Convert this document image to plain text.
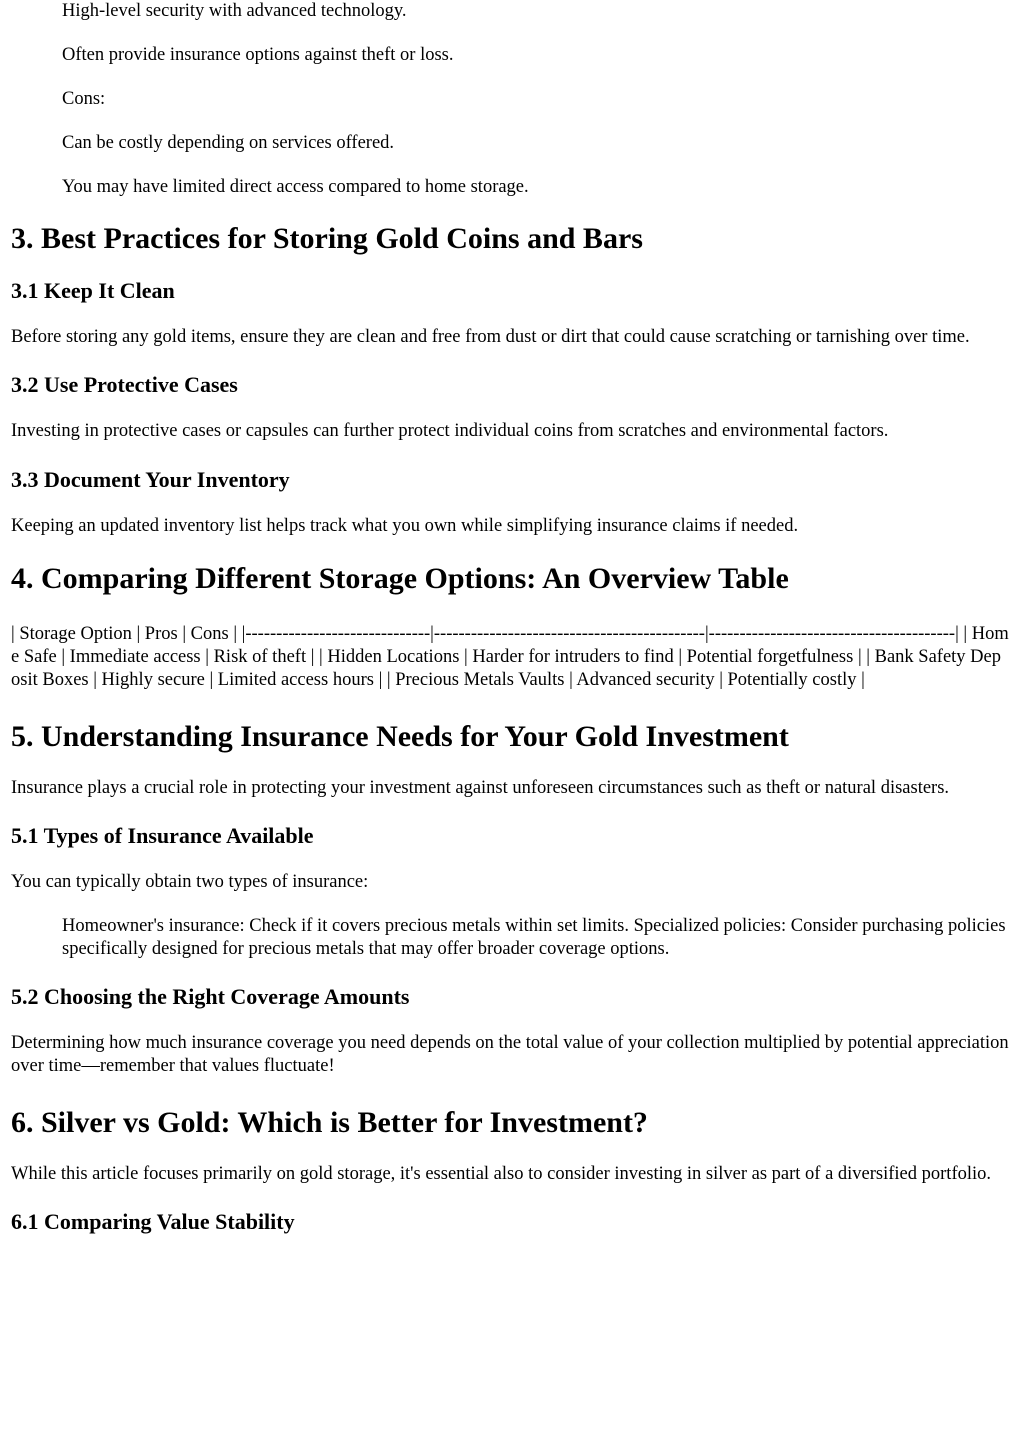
High-level security with advanced technology.

Often provide insurance options against theft or loss.

Cons:

Can be costly depending on services offered.

You may have limited direct access compared to home storage.

3. Best Practices for Storing Gold Coins and Bars
3.1 Keep It Clean

Before storing any gold items, ensure they are clean and free from dust or dirt that could cause scratching or tarnishing over time.

3.2 Use Protective Cases

Investing in protective cases or capsules can further protect individual coins from scratches and environmental factors.

3.3 Document Your Inventory

Keeping an updated inventory list helps track what you own while simplifying insurance claims if needed.

4. Comparing Different Storage Options: An Overview Table

| Storage Option | Pros | Cons | |------------------------------|--------------------------------------------|----------------------------------------| | Home Safe | Immediate access | Risk of theft | | Hidden Locations | Harder for intruders to find | Potential forgetfulness | | Bank Safety Deposit Boxes | Highly secure | Limited access hours | | Precious Metals Vaults | Advanced security | Potentially costly |

5. Understanding Insurance Needs for Your Gold Investment

Insurance plays a crucial role in protecting your investment against unforeseen circumstances such as theft or natural disasters.

5.1 Types of Insurance Available

You can typically obtain two types of insurance:

Homeowner's insurance: Check if it covers precious metals within set limits. Specialized policies: Consider purchasing policies specifically designed for precious metals that may offer broader coverage options.

5.2 Choosing the Right Coverage Amounts

Determining how much insurance coverage you need depends on the total value of your collection multiplied by potential appreciation over time—remember that values fluctuate!

6. Silver vs Gold: Which is Better for Investment?

While this article focuses primarily on gold storage, it's essential also to consider investing in silver as part of a diversified portfolio.

6.1 Comparing Value Stability
